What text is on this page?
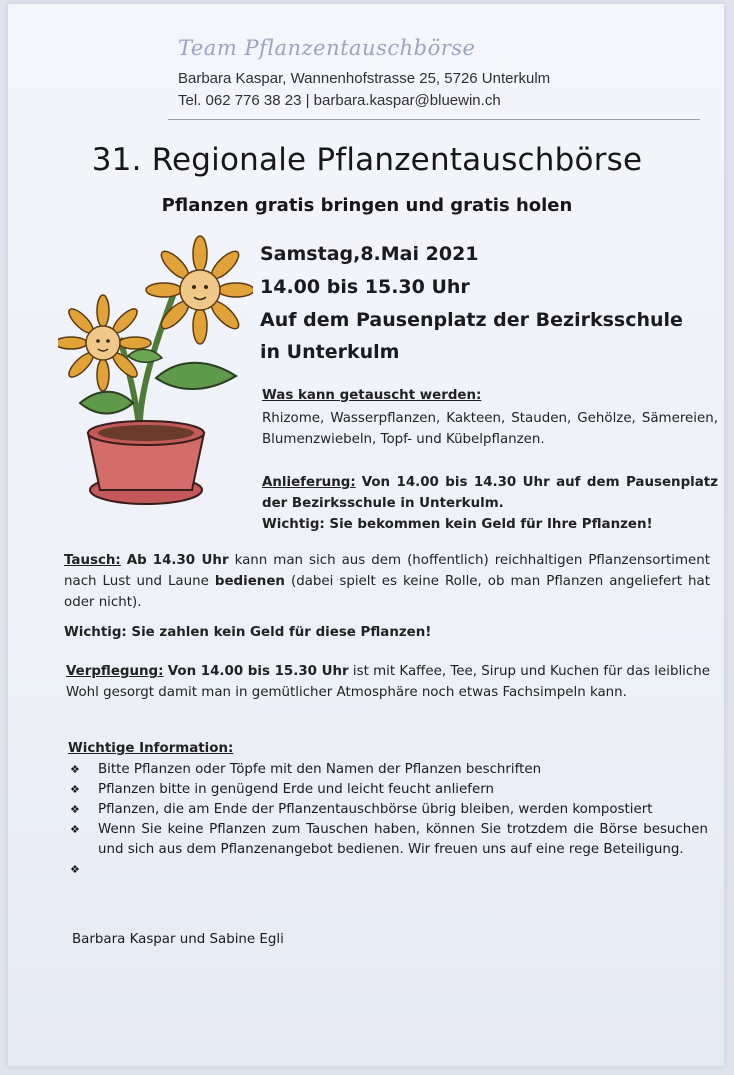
Team Pflanzentauschbörse
Barbara Kaspar, Wannenhofstrasse 25, 5726 Unterkulm
Tel. 062 776 38 23 | barbara.kaspar@bluewin.ch
31. Regionale Pflanzentauschbörse
Pflanzen gratis bringen und gratis holen
Samstag,8.Mai 2021
14.00 bis 15.30 Uhr
Auf dem Pausenplatz der Bezirksschule
in Unterkulm
Was kann getauscht werden:
Rhizome, Wasserpflanzen, Kakteen, Stauden, Gehölze, Sämereien, Blumenzwiebeln, Topf- und Kübelpflanzen.
Anlieferung: Von 14.00 bis 14.30 Uhr auf dem Pausenplatz der Bezirksschule in Unterkulm.
Wichtig: Sie bekommen kein Geld für Ihre Pflanzen!
Tausch: Ab 14.30 Uhr kann man sich aus dem (hoffentlich) reichhaltigen Pflanzensortiment nach Lust und Laune bedienen (dabei spielt es keine Rolle, ob man Pflanzen angeliefert hat oder nicht).
Wichtig: Sie zahlen kein Geld für diese Pflanzen!
Verpflegung: Von 14.00 bis 15.30 Uhr ist mit Kaffee, Tee, Sirup und Kuchen für das leibliche Wohl gesorgt damit man in gemütlicher Atmosphäre noch etwas Fachsimpeln kann.
Wichtige Information:
❖ Bitte Pflanzen oder Töpfe mit den Namen der Pflanzen beschriften
❖ Pflanzen bitte in genügend Erde und leicht feucht anliefern
❖ Pflanzen, die am Ende der Pflanzentauschbörse übrig bleiben, werden kompostiert
❖ Wenn Sie keine Pflanzen zum Tauschen haben, können Sie trotzdem die Börse besuchen und sich aus dem Pflanzenangebot bedienen. Wir freuen uns auf eine rege Beteiligung.
❖
Barbara Kaspar und Sabine Egli
